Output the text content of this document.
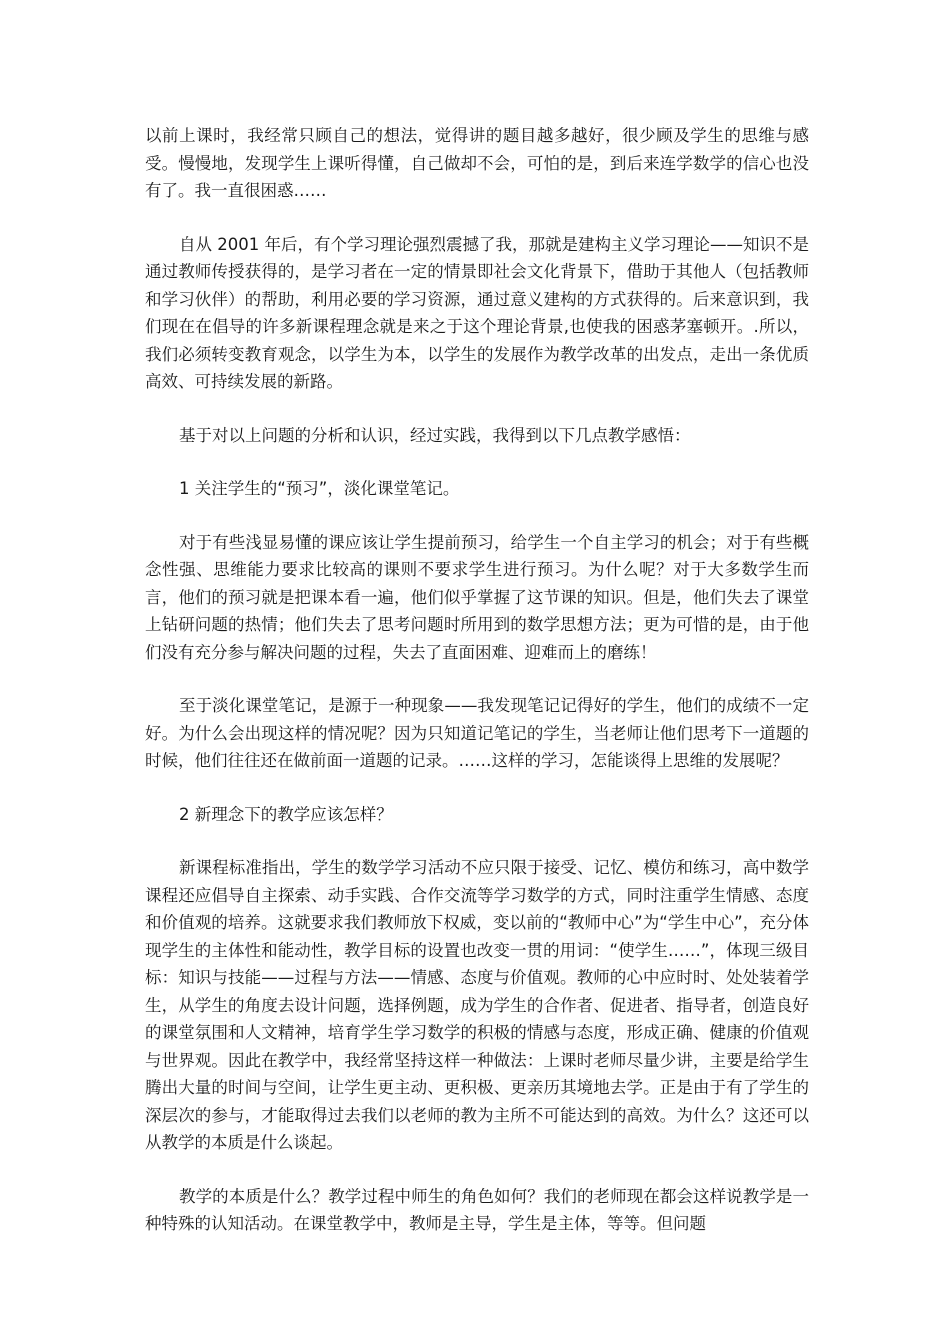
以前上课时，我经常只顾自己的想法，觉得讲的题目越多越好，很少顾及学生的思维与感受。慢慢地，发现学生上课听得懂，自己做却不会，可怕的是，到后来连学数学的信心也没有了。我一直很困惑……

自从 2001 年后，有个学习理论强烈震撼了我，那就是建构主义学习理论——知识不是通过教师传授获得的，是学习者在一定的情景即社会文化背景下，借助于其他人（包括教师和学习伙伴）的帮助，利用必要的学习资源，通过意义建构的方式获得的。后来意识到，我们现在在倡导的许多新课程理念就是来之于这个理论背景,也使我的困惑茅塞顿开。.所以，我们必须转变教育观念，以学生为本，以学生的发展作为教学改革的出发点，走出一条优质高效、可持续发展的新路。

基于对以上问题的分析和认识，经过实践，我得到以下几点教学感悟：

1 关注学生的“预习”，淡化课堂笔记。

对于有些浅显易懂的课应该让学生提前预习，给学生一个自主学习的机会；对于有些概念性强、思维能力要求比较高的课则不要求学生进行预习。为什么呢？对于大多数学生而言，他们的预习就是把课本看一遍，他们似乎掌握了这节课的知识。但是，他们失去了课堂上钻研问题的热情；他们失去了思考问题时所用到的数学思想方法；更为可惜的是，由于他们没有充分参与解决问题的过程，失去了直面困难、迎难而上的磨练！

至于淡化课堂笔记，是源于一种现象——我发现笔记记得好的学生，他们的成绩不一定好。为什么会出现这样的情况呢？因为只知道记笔记的学生，当老师让他们思考下一道题的时候，他们往往还在做前面一道题的记录。……这样的学习，怎能谈得上思维的发展呢？

2 新理念下的教学应该怎样？

新课程标准指出，学生的数学学习活动不应只限于接受、记忆、模仿和练习，高中数学课程还应倡导自主探索、动手实践、合作交流等学习数学的方式，同时注重学生情感、态度和价值观的培养。这就要求我们教师放下权威，变以前的“教师中心”为“学生中心”，充分体现学生的主体性和能动性，教学目标的设置也改变一贯的用词：“使学生……”，体现三级目标：知识与技能——过程与方法——情感、态度与价值观。教师的心中应时时、处处装着学生，从学生的角度去设计问题，选择例题，成为学生的合作者、促进者、指导者，创造良好的课堂氛围和人文精神，培育学生学习数学的积极的情感与态度，形成正确、健康的价值观与世界观。因此在教学中，我经常坚持这样一种做法：上课时老师尽量少讲，主要是给学生腾出大量的时间与空间，让学生更主动、更积极、更亲历其境地去学。正是由于有了学生的深层次的参与，才能取得过去我们以老师的教为主所不可能达到的高效。为什么？这还可以从教学的本质是什么谈起。

教学的本质是什么？教学过程中师生的角色如何？我们的老师现在都会这样说教学是一种特殊的认知活动。在课堂教学中，教师是主导，学生是主体，等等。但问题
